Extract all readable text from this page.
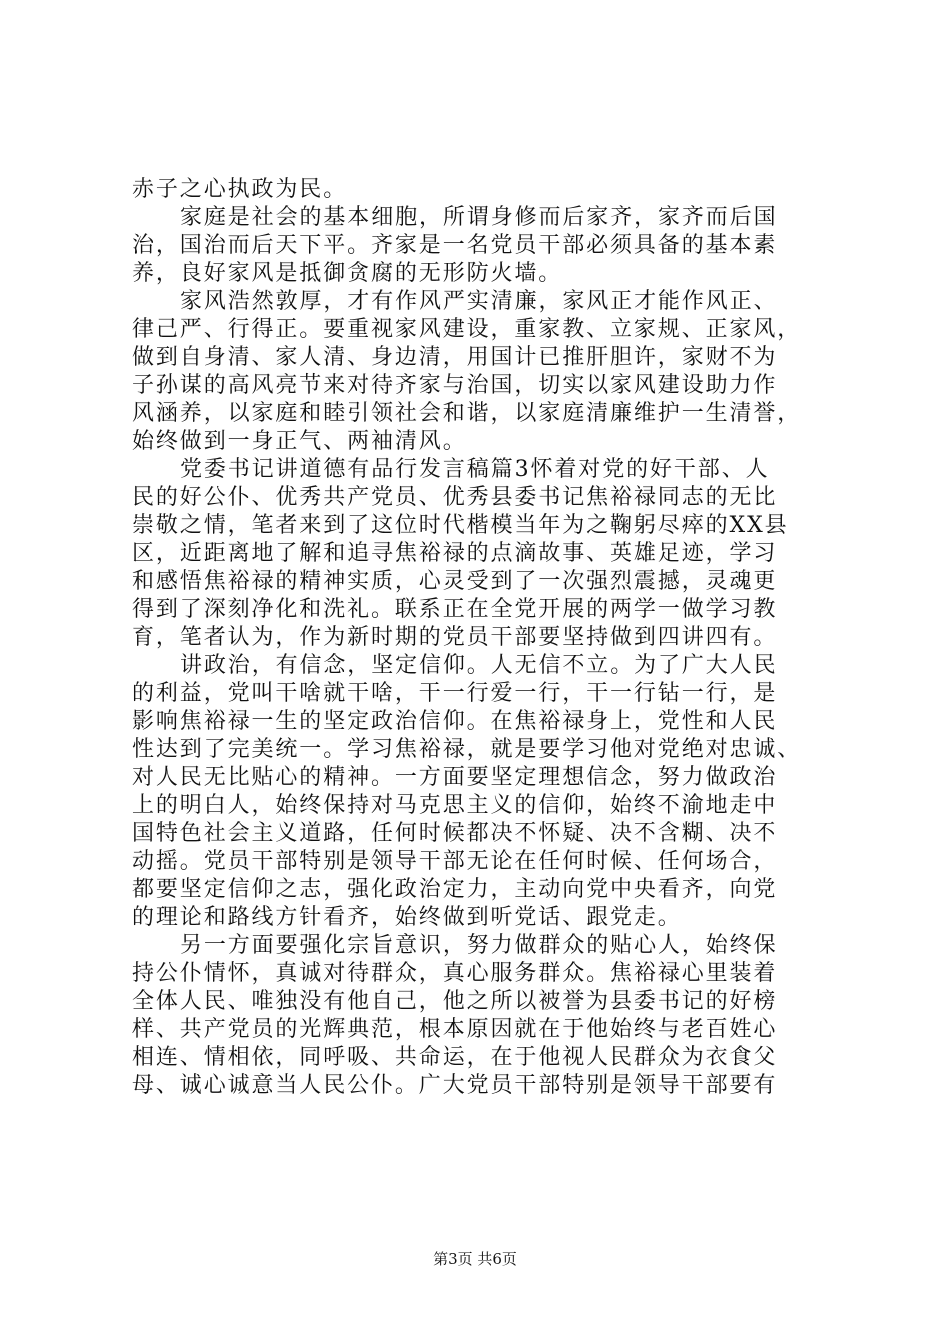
赤子之心执政为民。
家庭是社会的基本细胞，所谓身修而后家齐，家齐而后国
治，国治而后天下平。齐家是一名党员干部必须具备的基本素
养，良好家风是抵御贪腐的无形防火墙。
家风浩然敦厚，才有作风严实清廉，家风正才能作风正、
律己严、行得正。要重视家风建设，重家教、立家规、正家风，
做到自身清、家人清、身边清，用国计已推肝胆许，家财不为
子孙谋的高风亮节来对待齐家与治国，切实以家风建设助力作
风涵养，以家庭和睦引领社会和谐，以家庭清廉维护一生清誉，
始终做到一身正气、两袖清风。
党委书记讲道德有品行发言稿篇3怀着对党的好干部、人
民的好公仆、优秀共产党员、优秀县委书记焦裕禄同志的无比
崇敬之情，笔者来到了这位时代楷模当年为之鞠躬尽瘁的XX县
区，近距离地了解和追寻焦裕禄的点滴故事、英雄足迹，学习
和感悟焦裕禄的精神实质，心灵受到了一次强烈震撼，灵魂更
得到了深刻净化和洗礼。联系正在全党开展的两学一做学习教
育，笔者认为，作为新时期的党员干部要坚持做到四讲四有。
讲政治，有信念，坚定信仰。人无信不立。为了广大人民
的利益，党叫干啥就干啥，干一行爱一行，干一行钻一行，是
影响焦裕禄一生的坚定政治信仰。在焦裕禄身上，党性和人民
性达到了完美统一。学习焦裕禄，就是要学习他对党绝对忠诚、
对人民无比贴心的精神。一方面要坚定理想信念，努力做政治
上的明白人，始终保持对马克思主义的信仰，始终不渝地走中
国特色社会主义道路，任何时候都决不怀疑、决不含糊、决不
动摇。党员干部特别是领导干部无论在任何时候、任何场合，
都要坚定信仰之志，强化政治定力，主动向党中央看齐，向党
的理论和路线方针看齐，始终做到听党话、跟党走。
另一方面要强化宗旨意识，努力做群众的贴心人，始终保
持公仆情怀，真诚对待群众，真心服务群众。焦裕禄心里装着
全体人民、唯独没有他自己，他之所以被誉为县委书记的好榜
样、共产党员的光辉典范，根本原因就在于他始终与老百姓心
相连、情相依，同呼吸、共命运，在于他视人民群众为衣食父
母、诚心诚意当人民公仆。广大党员干部特别是领导干部要有
第3页 共6页
